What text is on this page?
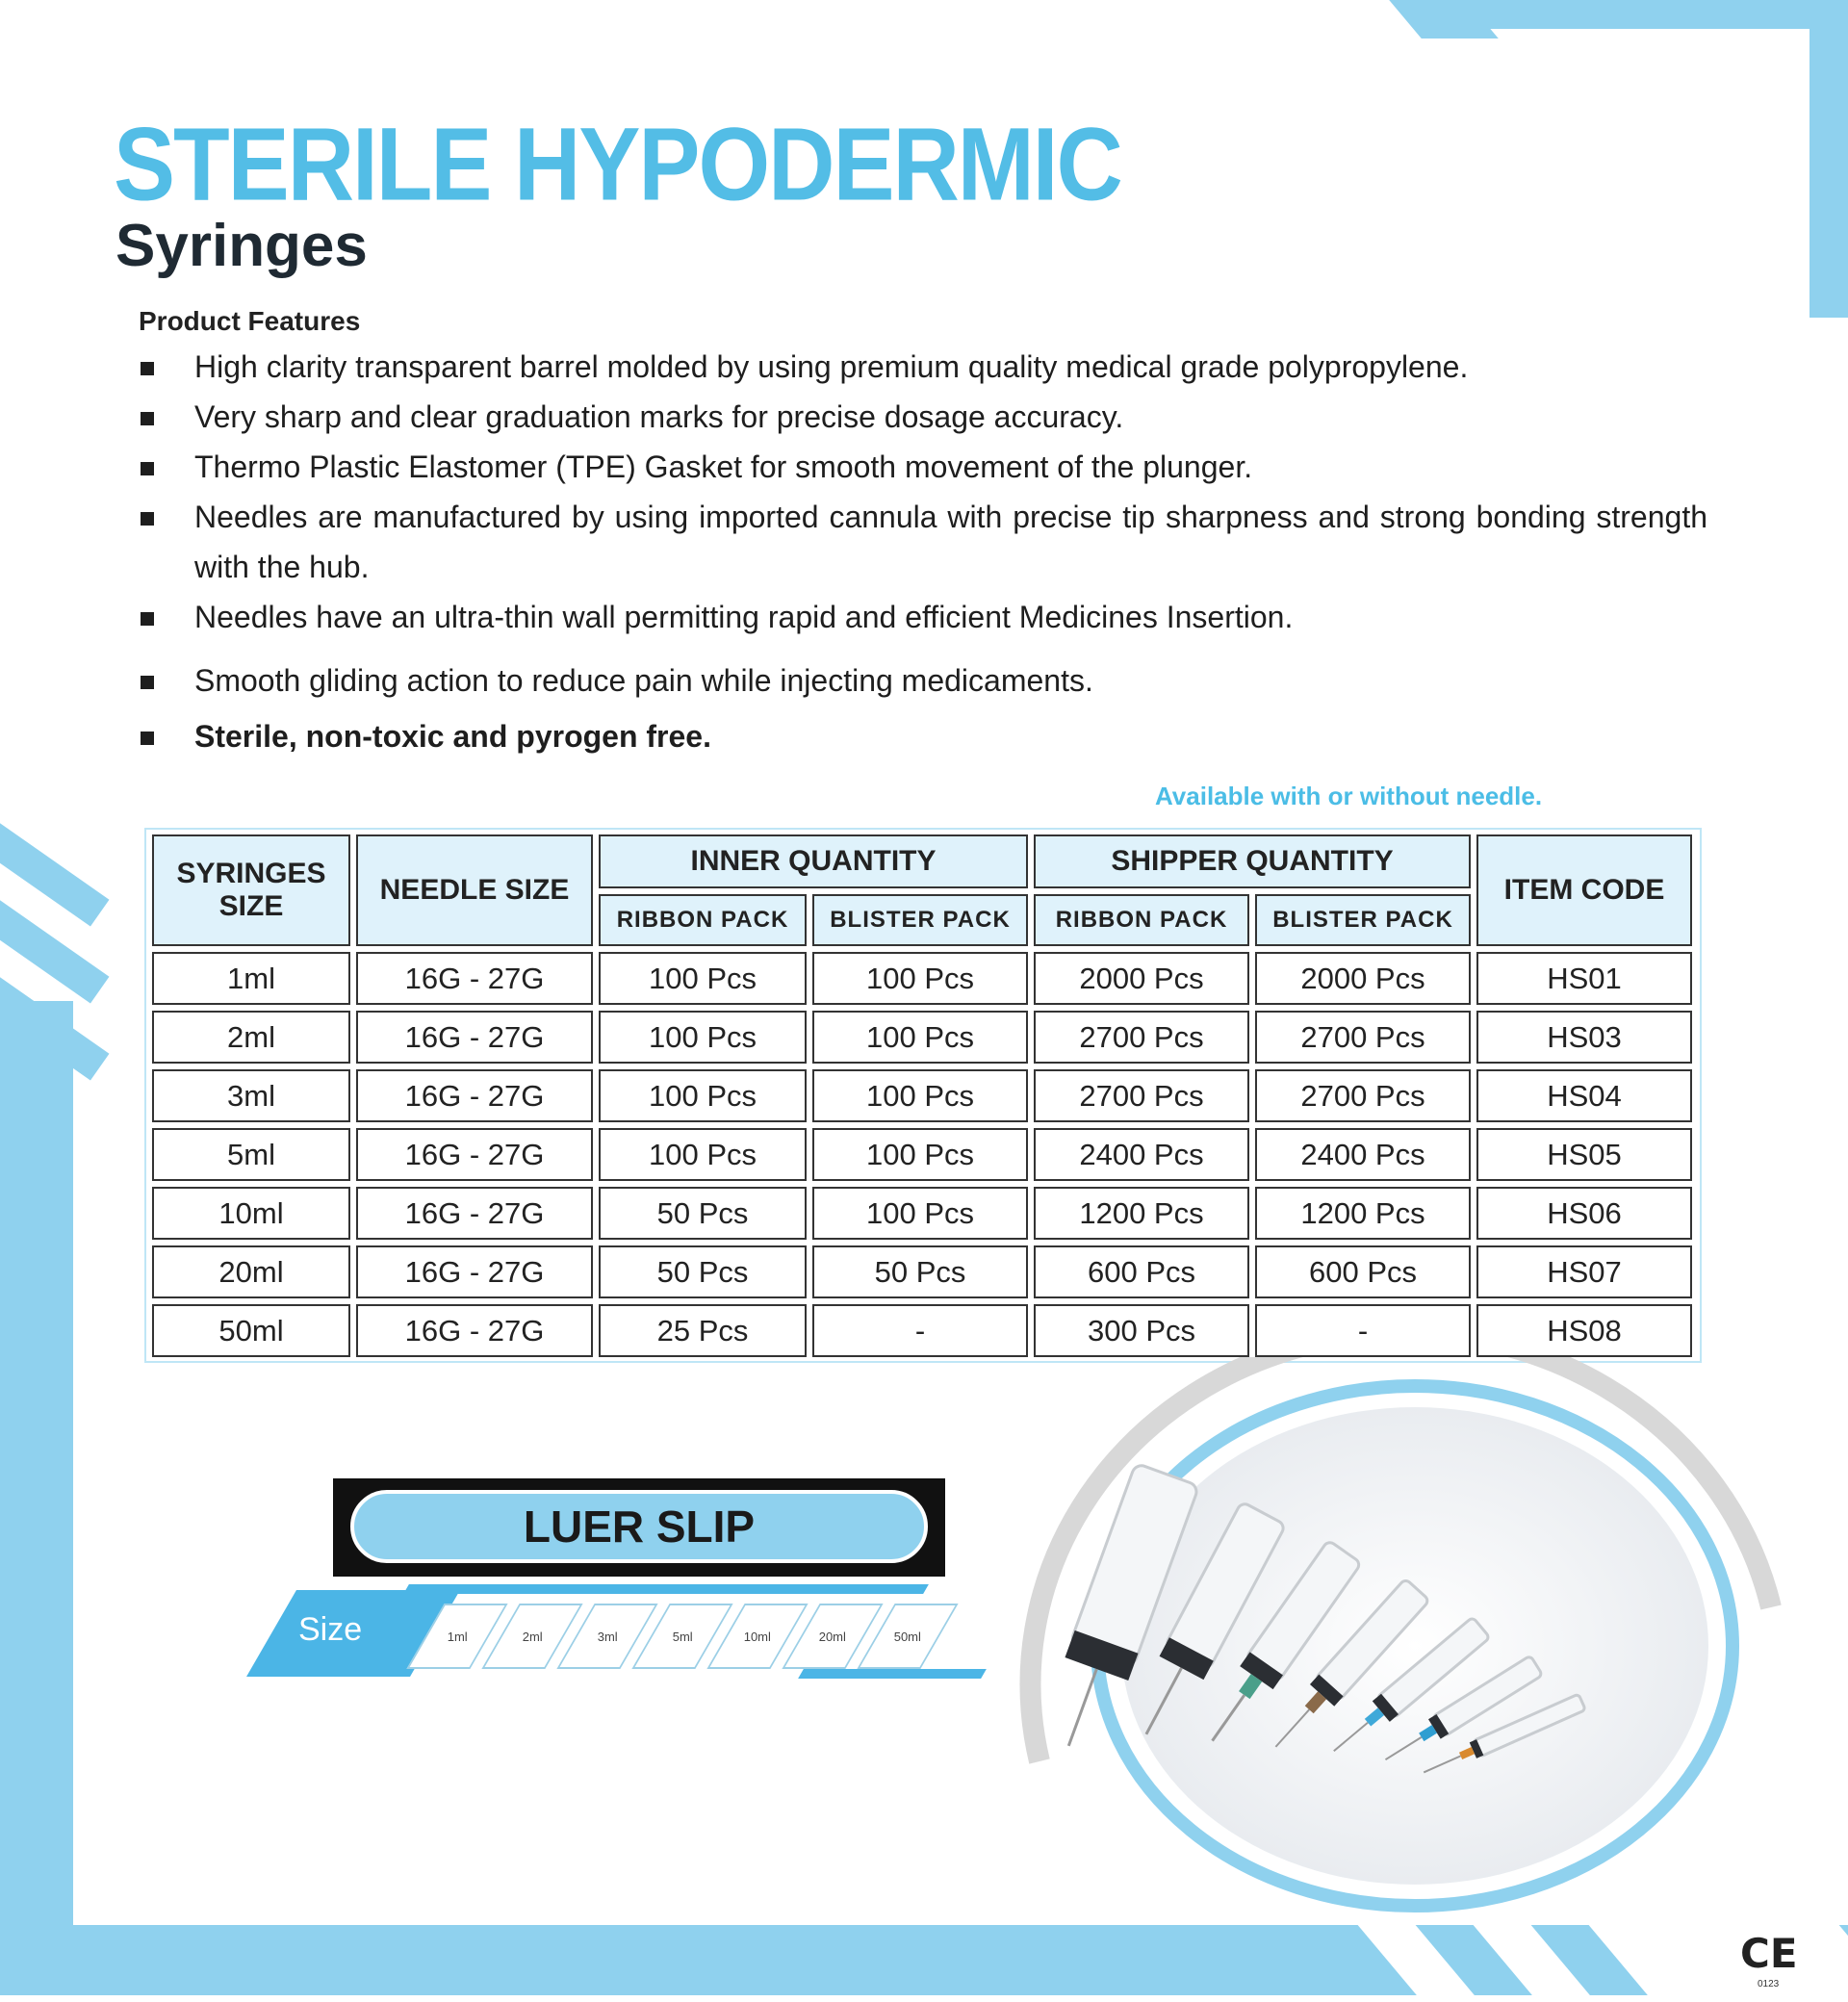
STERILE HYPODERMIC
Syringes
Product Features
High clarity transparent barrel molded by using premium quality medical grade polypropylene.
Very sharp and clear graduation marks for precise dosage accuracy.
Thermo Plastic Elastomer (TPE) Gasket for smooth movement of the plunger.
Needles are manufactured by using imported cannula with precise tip sharpness and strong bonding strength with the hub.
Needles have an ultra-thin wall permitting rapid and efficient Medicines Insertion.
Smooth gliding action to reduce pain while injecting medicaments.
Sterile, non-toxic and pyrogen free.

Available with or without needle.

SYRINGES SIZE	NEEDLE SIZE	INNER QUANTITY		SHIPPER QUANTITY		ITEM CODE
		RIBBON PACK	BLISTER PACK	RIBBON PACK	BLISTER PACK	
1ml	16G - 27G	100 Pcs	100 Pcs	2000 Pcs	2000 Pcs	HS01
2ml	16G - 27G	100 Pcs	100 Pcs	2700 Pcs	2700 Pcs	HS03
3ml	16G - 27G	100 Pcs	100 Pcs	2700 Pcs	2700 Pcs	HS04
5ml	16G - 27G	100 Pcs	100 Pcs	2400 Pcs	2400 Pcs	HS05
10ml	16G - 27G	50 Pcs	100 Pcs	1200 Pcs	1200 Pcs	HS06
20ml	16G - 27G	50 Pcs	50 Pcs	600 Pcs	600 Pcs	HS07
50ml	16G - 27G	25 Pcs	-	300 Pcs	-	HS08
LUER SLIP
Size	1ml	2ml	3ml	5ml	10ml	20ml	50ml
CE
0123
